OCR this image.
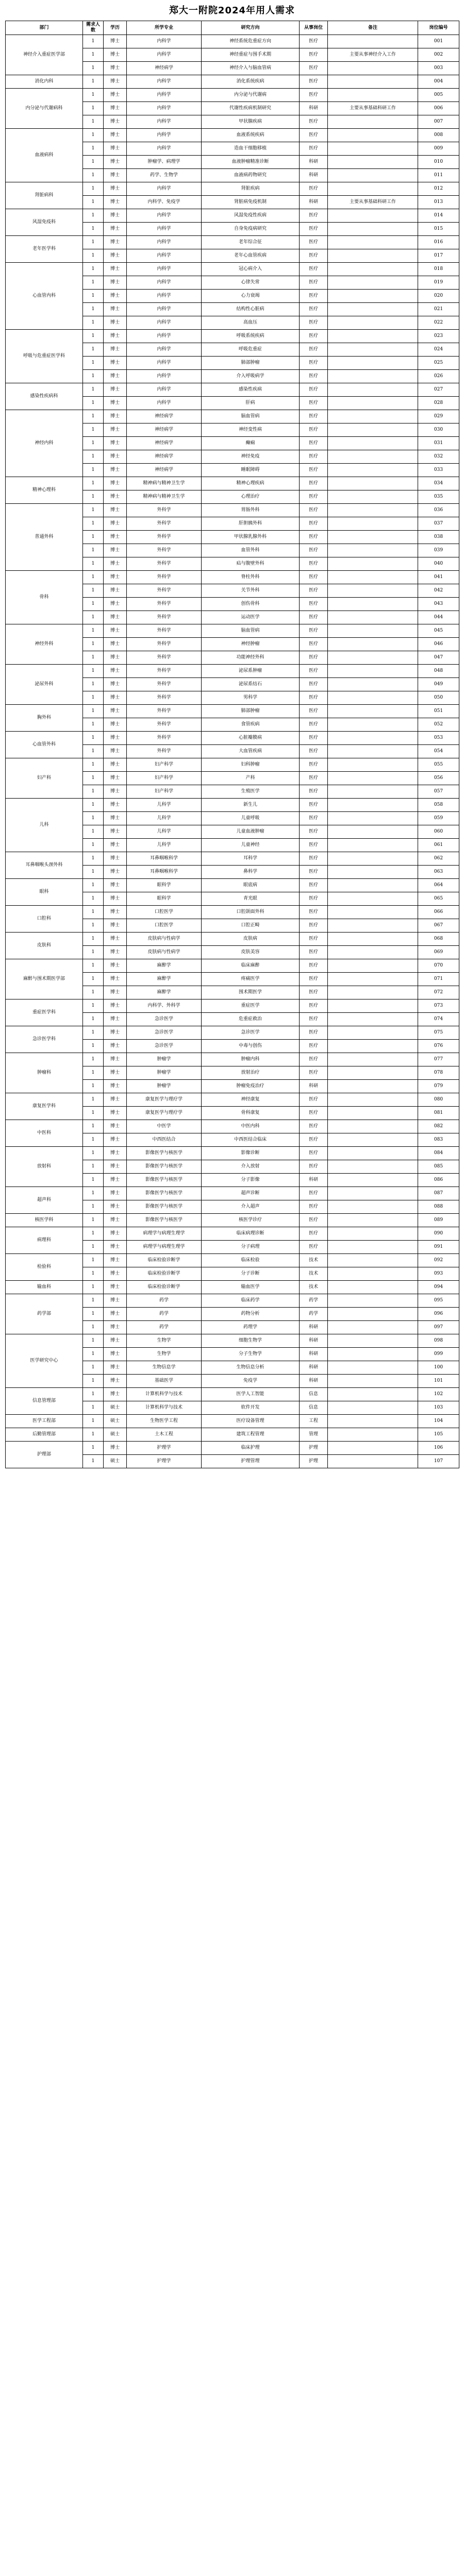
郑大一附院2024年用人需求
部门	需求人数	学历	所学专业	研究方向	从事岗位	备注	岗位编号
神经介入重症医学部	1	博士	内科学	神经系统危重症方向	医疗		001
	1	博士	内科学	神经重症与围手术期	医疗	主要从事神经介入工作	002
	1	博士	神经病学	神经介入与脑血管病	医疗		003
消化内科	1	博士	内科学	消化系统疾病	医疗		004
内分泌与代谢病科	1	博士	内科学	内分泌与代谢病	医疗		005
	1	博士	内科学	代谢性疾病机制研究	科研	主要从事基础科研工作	006
	1	博士	内科学	甲状腺疾病	医疗		007
血液病科	1	博士	内科学	血液系统疾病	医疗		008
	1	博士	内科学	造血干细胞移植	医疗		009
	1	博士	肿瘤学、病理学	血液肿瘤精准诊断	科研		010
	1	博士	药学、生物学	血液病药物研究	科研		011
肾脏病科	1	博士	内科学	肾脏疾病	医疗		012
	1	博士	内科学、免疫学	肾脏病免疫机制	科研	主要从事基础科研工作	013
风湿免疫科	1	博士	内科学	风湿免疫性疾病	医疗		014
	1	博士	内科学	自身免疫病研究	医疗		015
老年医学科	1	博士	内科学	老年综合征	医疗		016
	1	博士	内科学	老年心血管疾病	医疗		017
心血管内科	1	博士	内科学	冠心病介入	医疗		018
	1	博士	内科学	心律失常	医疗		019
	1	博士	内科学	心力衰竭	医疗		020
	1	博士	内科学	结构性心脏病	医疗		021
	1	博士	内科学	高血压	医疗		022
呼吸与危重症医学科	1	博士	内科学	呼吸系统疾病	医疗		023
	1	博士	内科学	呼吸危重症	医疗		024
	1	博士	内科学	肺部肿瘤	医疗		025
	1	博士	内科学	介入呼吸病学	医疗		026
感染性疾病科	1	博士	内科学	感染性疾病	医疗		027
	1	博士	内科学	肝病	医疗		028
神经内科	1	博士	神经病学	脑血管病	医疗		029
	1	博士	神经病学	神经变性病	医疗		030
	1	博士	神经病学	癫痫	医疗		031
	1	博士	神经病学	神经免疫	医疗		032
	1	博士	神经病学	睡眠障碍	医疗		033
精神心理科	1	博士	精神病与精神卫生学	精神心理疾病	医疗		034
	1	博士	精神病与精神卫生学	心理治疗	医疗		035
普通外科	1	博士	外科学	胃肠外科	医疗		036
	1	博士	外科学	肝胆胰外科	医疗		037
	1	博士	外科学	甲状腺乳腺外科	医疗		038
	1	博士	外科学	血管外科	医疗		039
	1	博士	外科学	疝与腹壁外科	医疗		040
骨科	1	博士	外科学	脊柱外科	医疗		041
	1	博士	外科学	关节外科	医疗		042
	1	博士	外科学	创伤骨科	医疗		043
	1	博士	外科学	运动医学	医疗		044
神经外科	1	博士	外科学	脑血管病	医疗		045
	1	博士	外科学	神经肿瘤	医疗		046
	1	博士	外科学	功能神经外科	医疗		047
泌尿外科	1	博士	外科学	泌尿系肿瘤	医疗		048
	1	博士	外科学	泌尿系结石	医疗		049
	1	博士	外科学	男科学	医疗		050
胸外科	1	博士	外科学	肺部肿瘤	医疗		051
	1	博士	外科学	食管疾病	医疗		052
心血管外科	1	博士	外科学	心脏瓣膜病	医疗		053
	1	博士	外科学	大血管疾病	医疗		054
妇产科	1	博士	妇产科学	妇科肿瘤	医疗		055
	1	博士	妇产科学	产科	医疗		056
	1	博士	妇产科学	生殖医学	医疗		057
儿科	1	博士	儿科学	新生儿	医疗		058
	1	博士	儿科学	儿童呼吸	医疗		059
	1	博士	儿科学	儿童血液肿瘤	医疗		060
	1	博士	儿科学	儿童神经	医疗		061
耳鼻咽喉头颈外科	1	博士	耳鼻咽喉科学	耳科学	医疗		062
	1	博士	耳鼻咽喉科学	鼻科学	医疗		063
眼科	1	博士	眼科学	眼底病	医疗		064
	1	博士	眼科学	青光眼	医疗		065
口腔科	1	博士	口腔医学	口腔颌面外科	医疗		066
	1	博士	口腔医学	口腔正畸	医疗		067
皮肤科	1	博士	皮肤病与性病学	皮肤病	医疗		068
	1	博士	皮肤病与性病学	皮肤美容	医疗		069
麻醉与围术期医学部	1	博士	麻醉学	临床麻醉	医疗		070
	1	博士	麻醉学	疼痛医学	医疗		071
	1	博士	麻醉学	围术期医学	医疗		072
重症医学科	1	博士	内科学、外科学	重症医学	医疗		073
	1	博士	急诊医学	危重症救治	医疗		074
急诊医学科	1	博士	急诊医学	急诊医学	医疗		075
	1	博士	急诊医学	中毒与创伤	医疗		076
肿瘤科	1	博士	肿瘤学	肿瘤内科	医疗		077
	1	博士	肿瘤学	放射治疗	医疗		078
	1	博士	肿瘤学	肿瘤免疫治疗	科研		079
康复医学科	1	博士	康复医学与理疗学	神经康复	医疗		080
	1	博士	康复医学与理疗学	骨科康复	医疗		081
中医科	1	博士	中医学	中医内科	医疗		082
	1	博士	中西医结合	中西医结合临床	医疗		083
放射科	1	博士	影像医学与核医学	影像诊断	医疗		084
	1	博士	影像医学与核医学	介入放射	医疗		085
	1	博士	影像医学与核医学	分子影像	科研		086
超声科	1	博士	影像医学与核医学	超声诊断	医疗		087
	1	博士	影像医学与核医学	介入超声	医疗		088
核医学科	1	博士	影像医学与核医学	核医学诊疗	医疗		089
病理科	1	博士	病理学与病理生理学	临床病理诊断	医疗		090
	1	博士	病理学与病理生理学	分子病理	医疗		091
检验科	1	博士	临床检验诊断学	临床检验	技术		092
	1	博士	临床检验诊断学	分子诊断	技术		093
输血科	1	博士	临床检验诊断学	输血医学	技术		094
药学部	1	博士	药学	临床药学	药学		095
	1	博士	药学	药物分析	药学		096
	1	博士	药学	药理学	科研		097
医学研究中心	1	博士	生物学	细胞生物学	科研		098
	1	博士	生物学	分子生物学	科研		099
	1	博士	生物信息学	生物信息分析	科研		100
	1	博士	基础医学	免疫学	科研		101
信息管理部	1	博士	计算机科学与技术	医学人工智能	信息		102
	1	硕士	计算机科学与技术	软件开发	信息		103
医学工程部	1	硕士	生物医学工程	医疗设备管理	工程		104
后勤管理部	1	硕士	土木工程	建筑工程管理	管理		105
护理部	1	博士	护理学	临床护理	护理		106
	1	硕士	护理学	护理管理	护理		107
